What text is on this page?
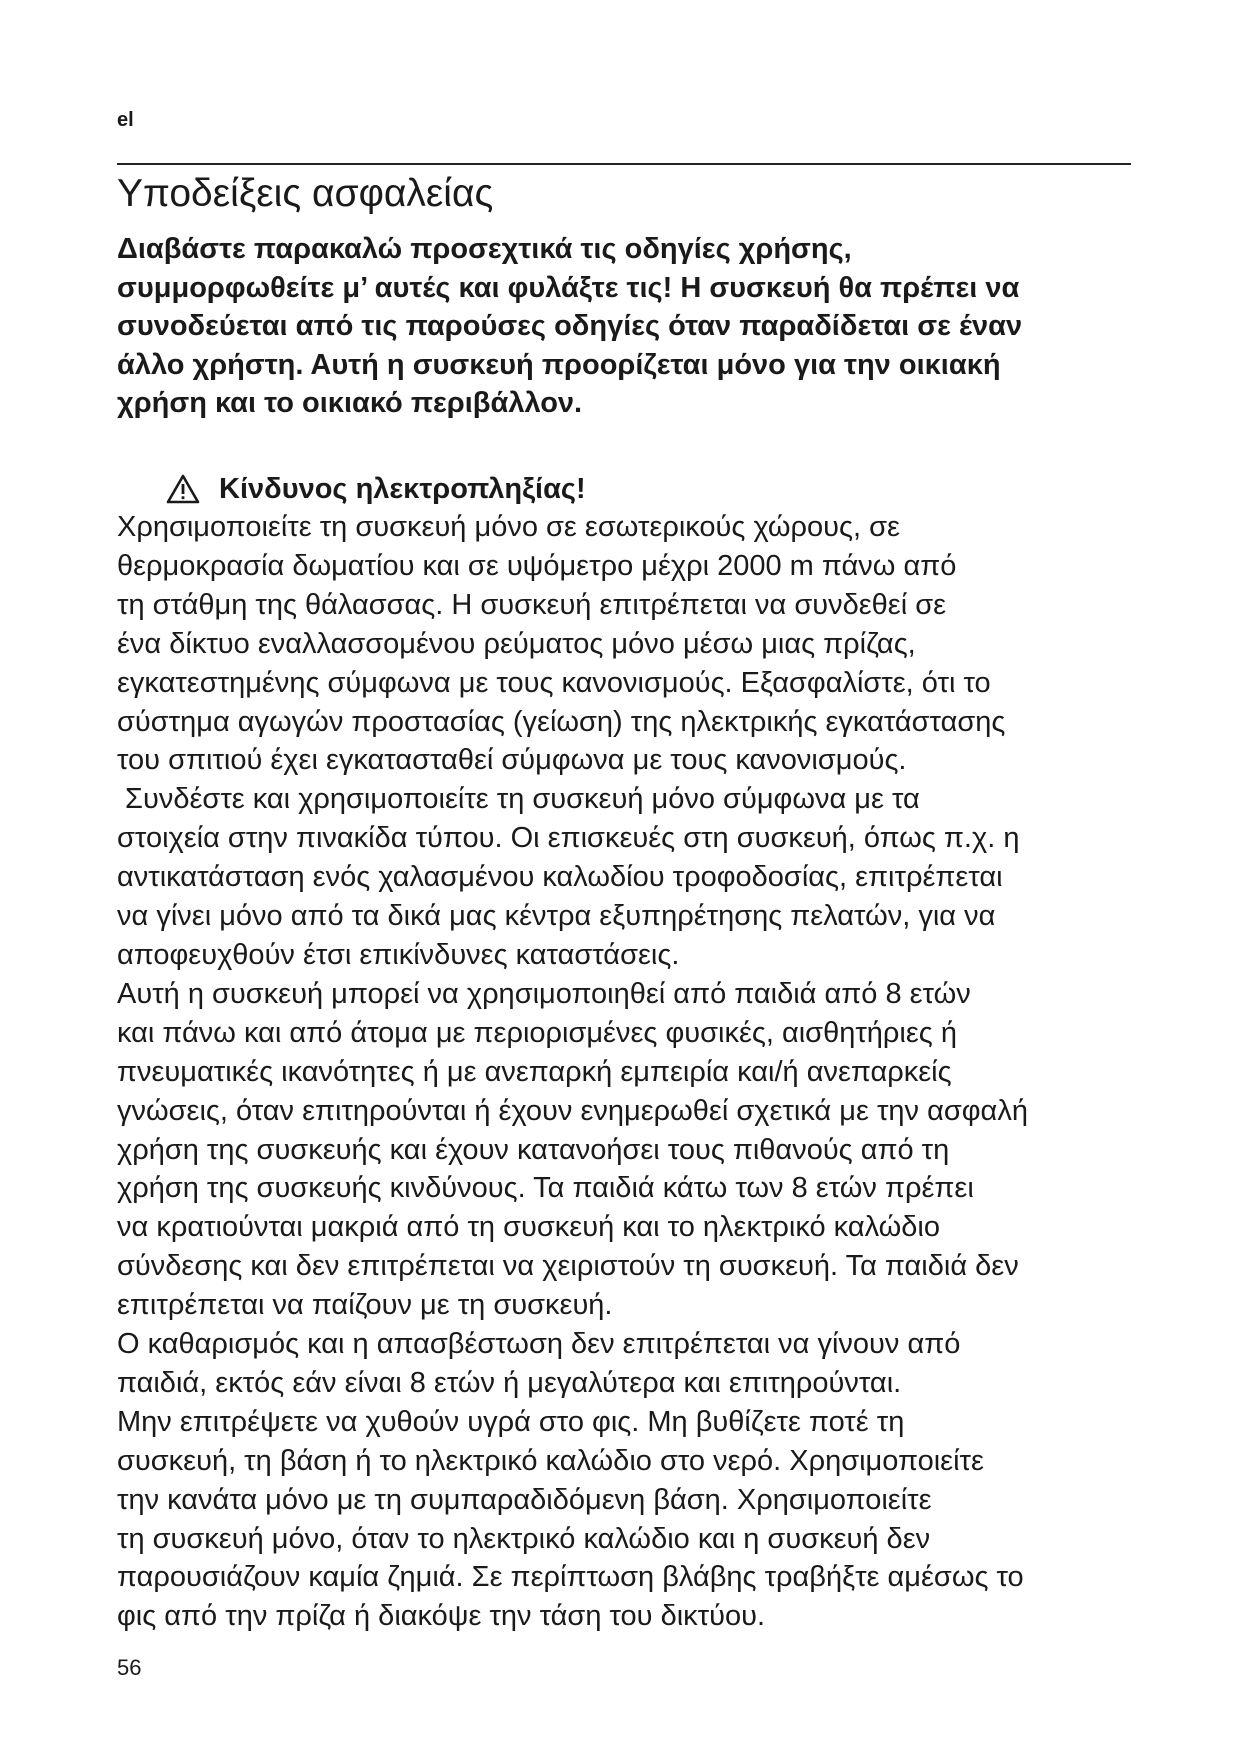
el
Υποδείξεις ασφαλείας

Διαβάστε παρακαλώ προσεχτικά τις οδηγίες χρήσης,
συμμορφωθείτε μ’ αυτές και φυλάξτε τις! Η συσκευή θα πρέπει να
συνοδεύεται από τις παρούσες οδηγίες όταν παραδίδεται σε έναν
άλλο χρήστη. Αυτή η συσκευή προορίζεται μόνο για την οικιακή
χρήση και το οικιακό περιβάλλον.

Κίνδυνος ηλεκτροπληξίας!

Χρησιμοποιείτε τη συσκευή μόνο σε εσωτερικούς χώρους, σε
θερμοκρασία δωματίου και σε υψόμετρο μέχρι 2000 m πάνω από
τη στάθμη της θάλασσας. Η συσκευή επιτρέπεται να συνδεθεί σε
ένα δίκτυο εναλλασσομένου ρεύματος μόνο μέσω μιας πρίζας,
εγκατεστημένης σύμφωνα με τους κανονισμούς. Εξασφαλίστε, ότι το
σύστημα αγωγών προστασίας (γείωση) της ηλεκτρικής εγκατάστασης
του σπιτιού έχει εγκατασταθεί σύμφωνα με τους κανονισμούς.
Συνδέστε και χρησιμοποιείτε τη συσκευή μόνο σύμφωνα με τα
στοιχεία στην πινακίδα τύπου. Οι επισκευές στη συσκευή, όπως π.χ. η
αντικατάσταση ενός χαλασμένου καλωδίου τροφοδοσίας, επιτρέπεται
να γίνει μόνο από τα δικά μας κέντρα εξυπηρέτησης πελατών, για να
αποφευχθούν έτσι επικίνδυνες καταστάσεις.
Αυτή η συσκευή μπορεί να χρησιμοποιηθεί από παιδιά από 8 ετών
και πάνω και από άτομα με περιορισμένες φυσικές, αισθητήριες ή
πνευματικές ικανότητες ή με ανεπαρκή εμπειρία και/ή ανεπαρκείς
γνώσεις, όταν επιτηρούνται ή έχουν ενημερωθεί σχετικά με την ασφαλή
χρήση της συσκευής και έχουν κατανοήσει τους πιθανούς από τη
χρήση της συσκευής κινδύνους. Τα παιδιά κάτω των 8 ετών πρέπει
να κρατιούνται μακριά από τη συσκευή και το ηλεκτρικό καλώδιο
σύνδεσης και δεν επιτρέπεται να χειριστούν τη συσκευή. Τα παιδιά δεν
επιτρέπεται να παίζουν με τη συσκευή.
Ο καθαρισμός και η απασβέστωση δεν επιτρέπεται να γίνουν από
παιδιά, εκτός εάν είναι 8 ετών ή μεγαλύτερα και επιτηρούνται.
Μην επιτρέψετε να χυθούν υγρά στο φις. Μη βυθίζετε ποτέ τη
συσκευή, τη βάση ή το ηλεκτρικό καλώδιο στο νερό. Χρησιμοποιείτε
την κανάτα μόνο με τη συμπαραδιδόμενη βάση. Χρησιμοποιείτε
τη συσκευή μόνο, όταν το ηλεκτρικό καλώδιο και η συσκευή δεν
παρουσιάζουν καμία ζημιά. Σε περίπτωση βλάβης τραβήξτε αμέσως το
φις από την πρίζα ή διακόψε την τάση του δικτύου.

56
